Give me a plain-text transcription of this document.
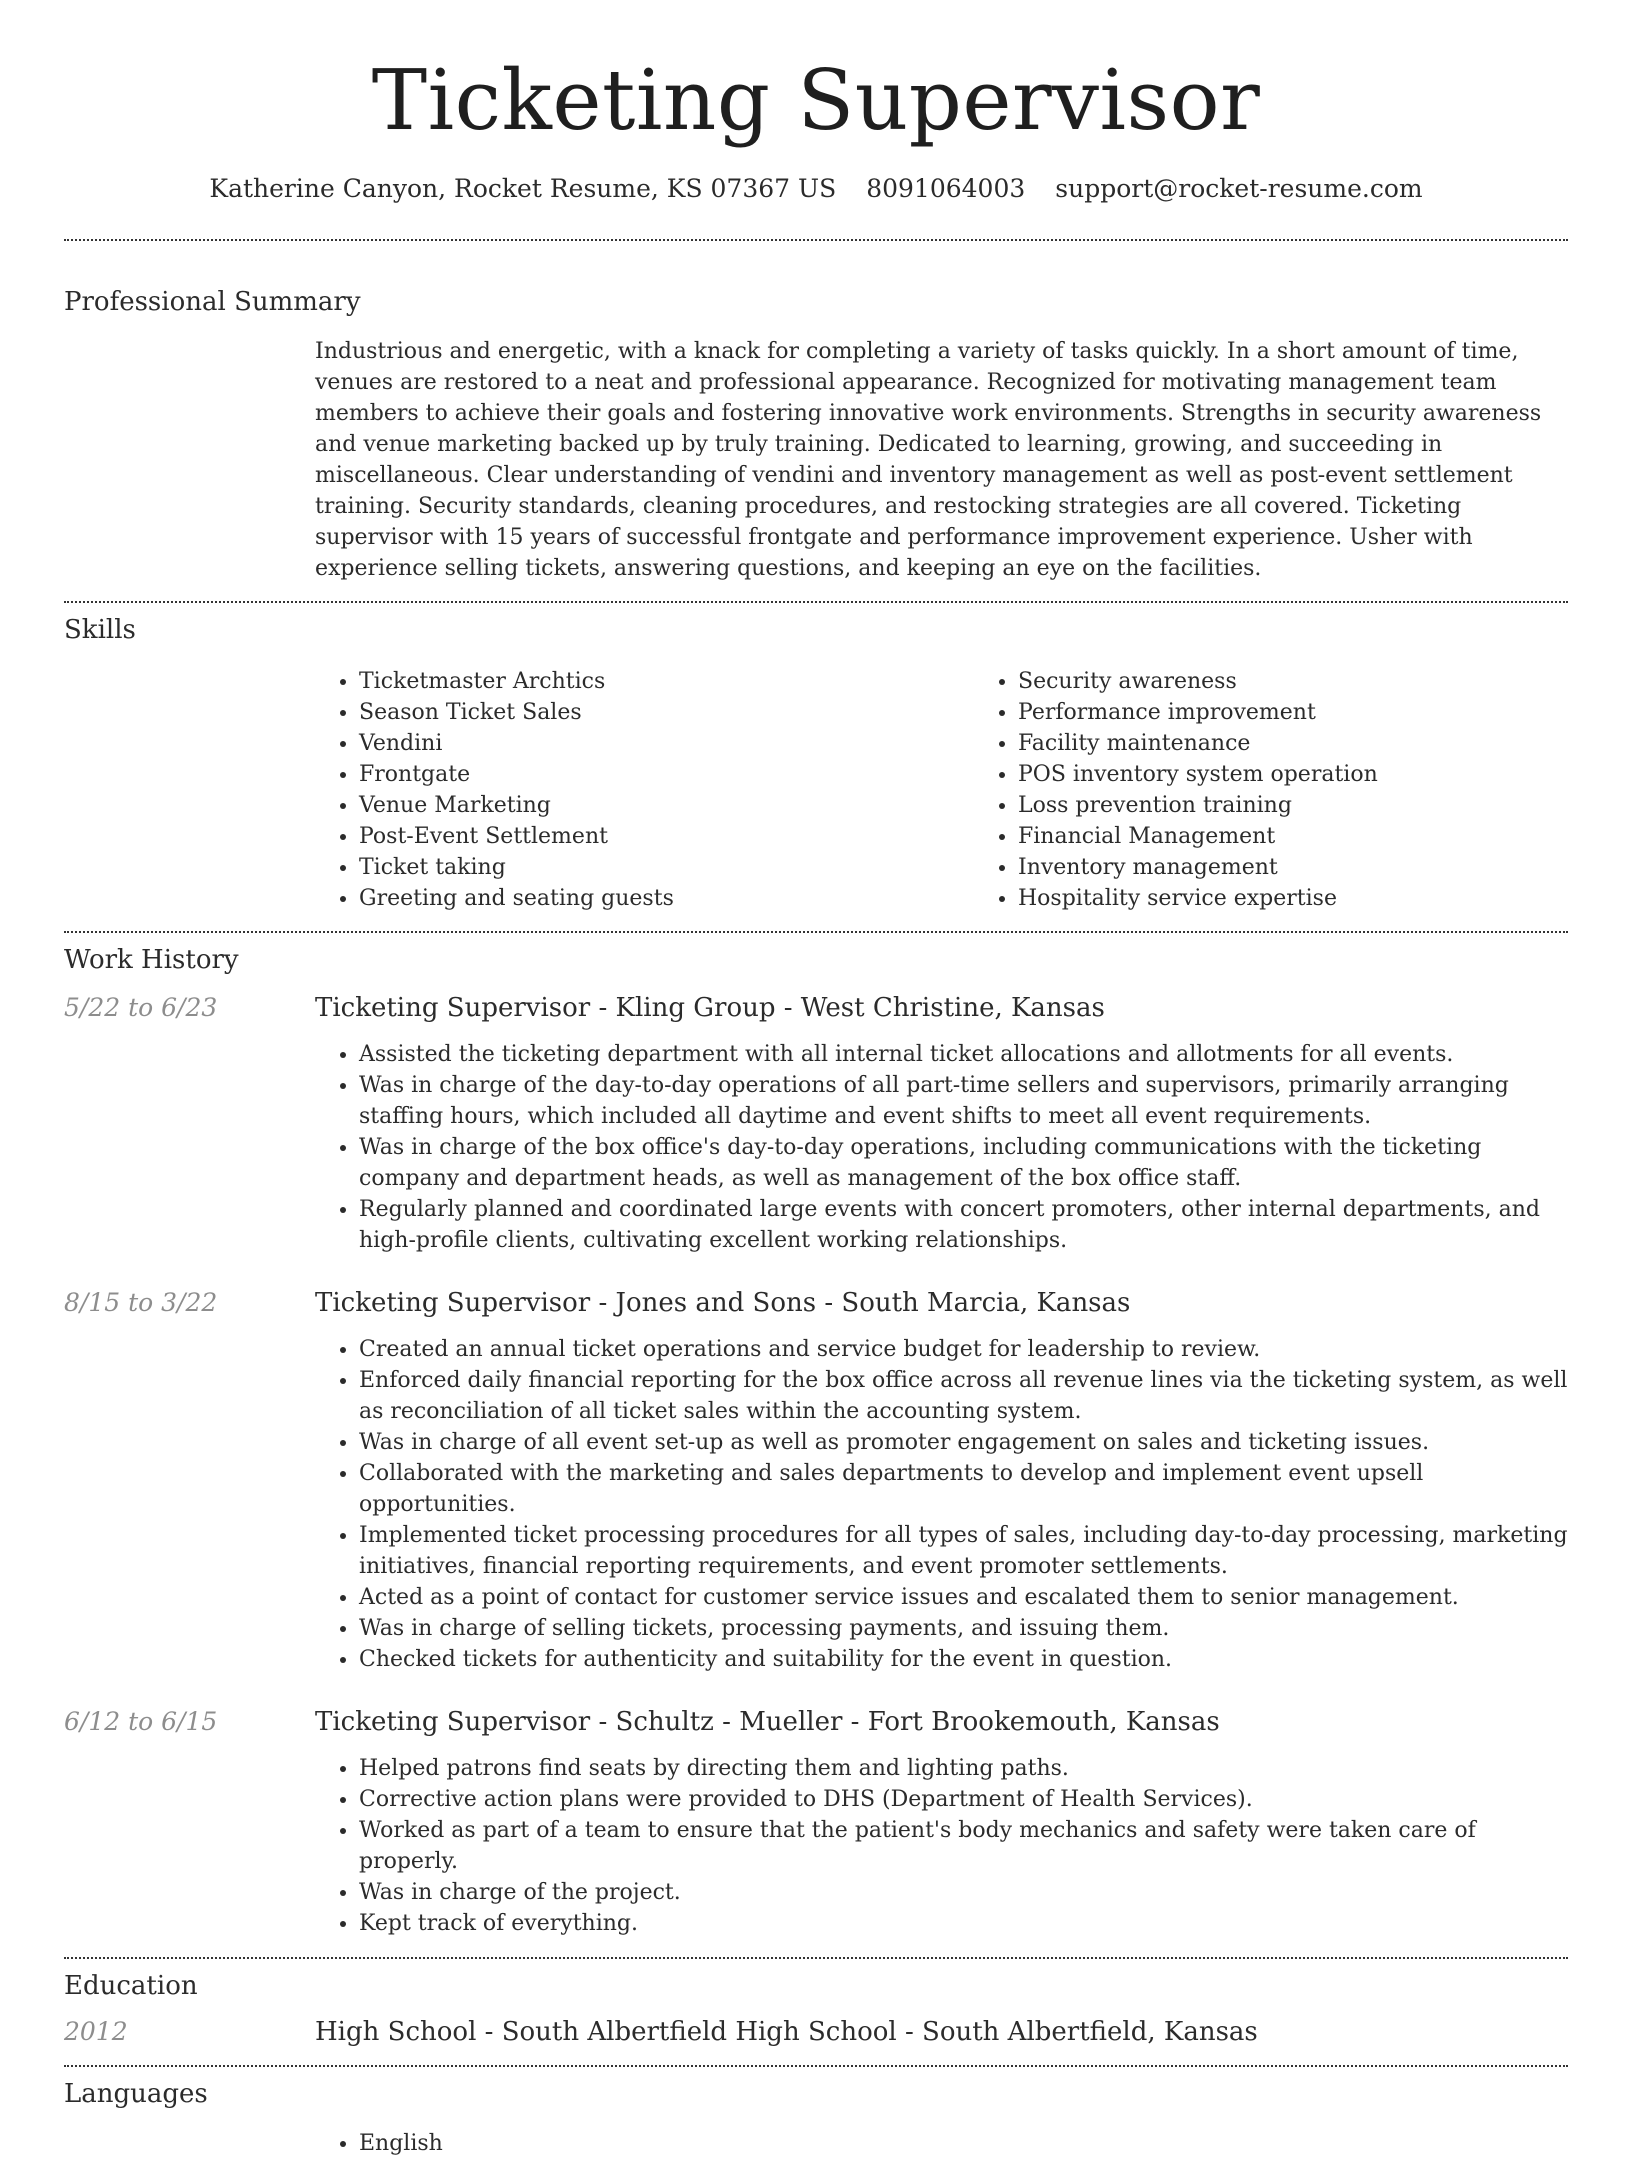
Ticketing Supervisor
Katherine Canyon, Rocket Resume, KS 07367 US 8091064003 support@rocket-resume.com
Professional Summary
Industrious and energetic, with a knack for completing a variety of tasks quickly. In a short amount of time, venues are restored to a neat and professional appearance. Recognized for motivating management team members to achieve their goals and fostering innovative work environments. Strengths in security awareness and venue marketing backed up by truly training. Dedicated to learning, growing, and succeeding in miscellaneous. Clear understanding of vendini and inventory management as well as post-event settlement training. Security standards, cleaning procedures, and restocking strategies are all covered. Ticketing supervisor with 15 years of successful frontgate and performance improvement experience. Usher with experience selling tickets, answering questions, and keeping an eye on the facilities.
Skills
• Ticketmaster Archtics
• Season Ticket Sales
• Vendini
• Frontgate
• Venue Marketing
• Post-Event Settlement
• Ticket taking
• Greeting and seating guests
• Security awareness
• Performance improvement
• Facility maintenance
• POS inventory system operation
• Loss prevention training
• Financial Management
• Inventory management
• Hospitality service expertise
Work History
5/22 to 6/23	Ticketing Supervisor - Kling Group - West Christine, Kansas
• Assisted the ticketing department with all internal ticket allocations and allotments for all events.
• Was in charge of the day-to-day operations of all part-time sellers and supervisors, primarily arranging staffing hours, which included all daytime and event shifts to meet all event requirements.
• Was in charge of the box office's day-to-day operations, including communications with the ticketing company and department heads, as well as management of the box office staff.
• Regularly planned and coordinated large events with concert promoters, other internal departments, and high-profile clients, cultivating excellent working relationships.
8/15 to 3/22	Ticketing Supervisor - Jones and Sons - South Marcia, Kansas
• Created an annual ticket operations and service budget for leadership to review.
• Enforced daily financial reporting for the box office across all revenue lines via the ticketing system, as well as reconciliation of all ticket sales within the accounting system.
• Was in charge of all event set-up as well as promoter engagement on sales and ticketing issues.
• Collaborated with the marketing and sales departments to develop and implement event upsell opportunities.
• Implemented ticket processing procedures for all types of sales, including day-to-day processing, marketing initiatives, financial reporting requirements, and event promoter settlements.
• Acted as a point of contact for customer service issues and escalated them to senior management.
• Was in charge of selling tickets, processing payments, and issuing them.
• Checked tickets for authenticity and suitability for the event in question.
6/12 to 6/15	Ticketing Supervisor - Schultz - Mueller - Fort Brookemouth, Kansas
• Helped patrons find seats by directing them and lighting paths.
• Corrective action plans were provided to DHS (Department of Health Services).
• Worked as part of a team to ensure that the patient's body mechanics and safety were taken care of properly.
• Was in charge of the project.
• Kept track of everything.
Education
2012	High School - South Albertfield High School - South Albertfield, Kansas
Languages
• English
